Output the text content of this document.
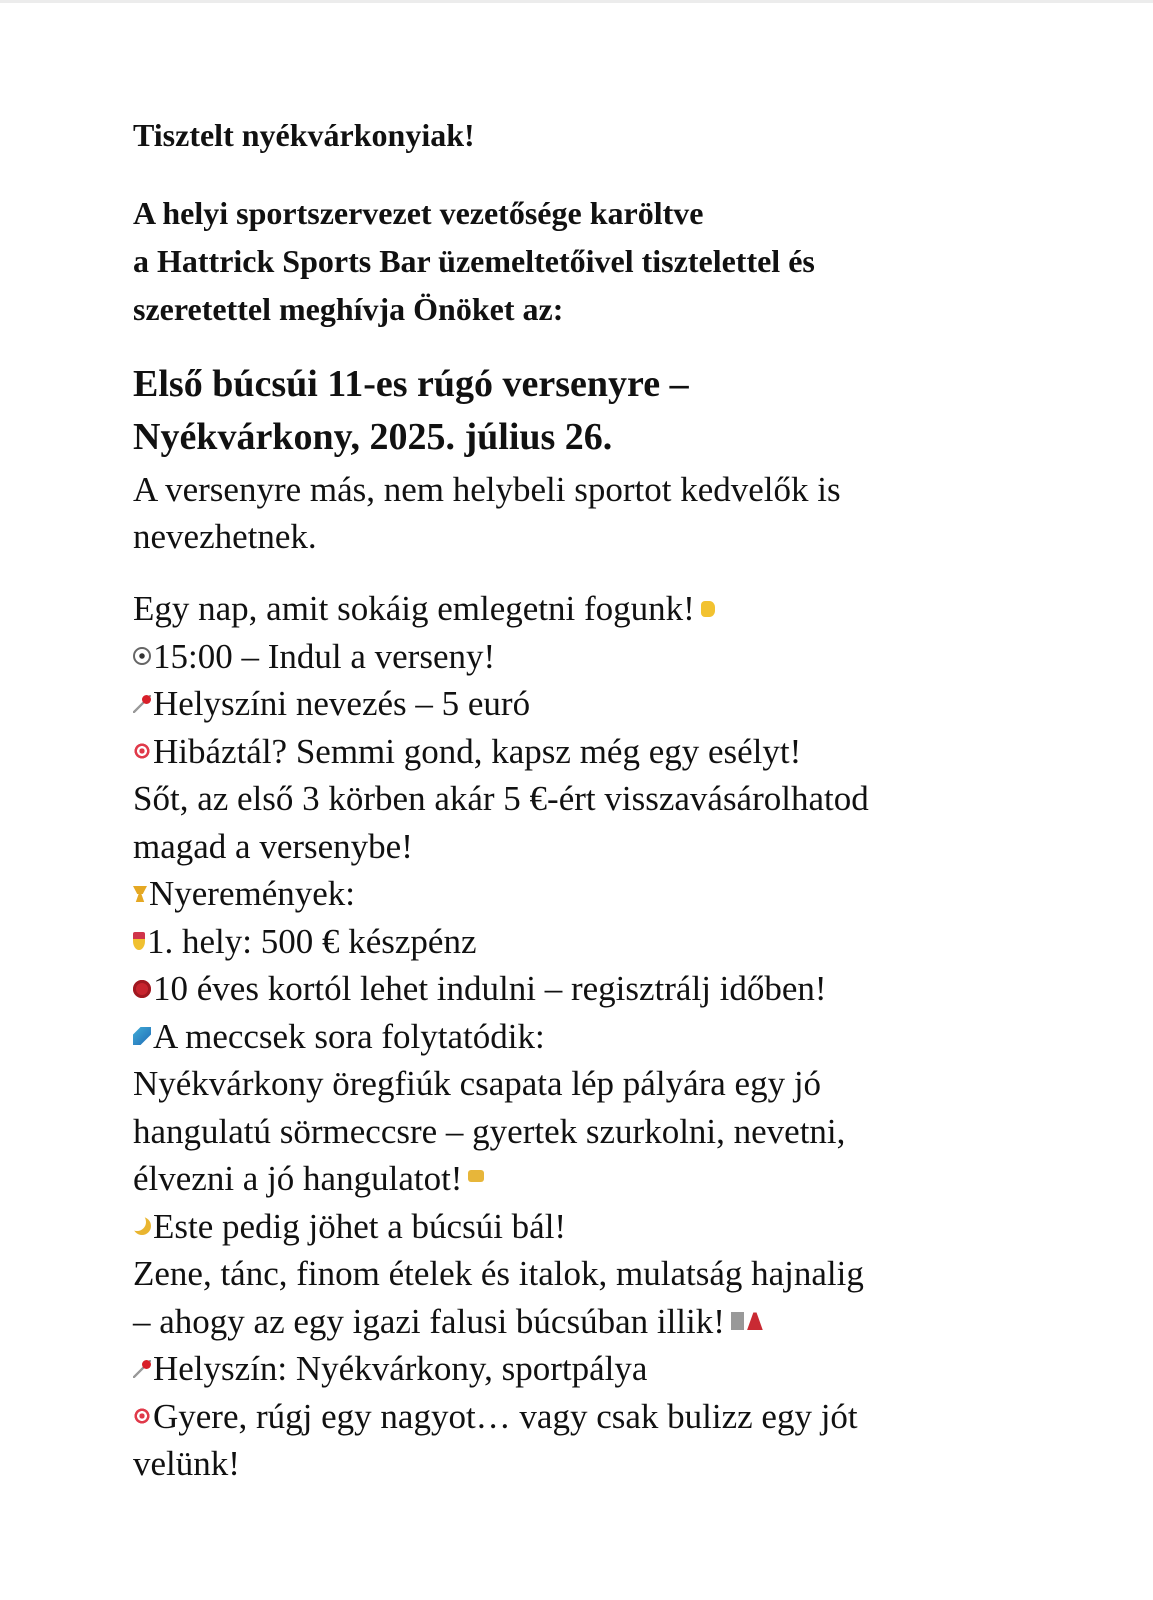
Tisztelt nyékvárkonyiak!
A helyi sportszervezet vezetősége karöltve
a Hattrick Sports Bar üzemeltetőivel tisztelettel és
szeretettel meghívja Önöket az:
Első búcsúi 11-es rúgó versenyre –
Nyékvárkony, 2025. július 26.
A versenyre más, nem helybeli sportot kedvelők is
nevezhetnek.
Egy nap, amit sokáig emlegetni fogunk!
15:00 – Indul a verseny!
Helyszíni nevezés – 5 euró
Hibáztál? Semmi gond, kapsz még egy esélyt!
Sőt, az első 3 körben akár 5 €-ért visszavásárolhatod
magad a versenybe!
Nyeremények:
1. hely: 500 € készpénz
10 éves kortól lehet indulni – regisztrálj időben!
A meccsek sora folytatódik:
Nyékvárkony öregfiúk csapata lép pályára egy jó
hangulatú sörmeccsre – gyertek szurkolni, nevetni,
élvezni a jó hangulatot!
Este pedig jöhet a búcsúi bál!
Zene, tánc, finom ételek és italok, mulatság hajnalig
– ahogy az egy igazi falusi búcsúban illik!
Helyszín: Nyékvárkony, sportpálya
Gyere, rúgj egy nagyot… vagy csak bulizz egy jót
velünk!
